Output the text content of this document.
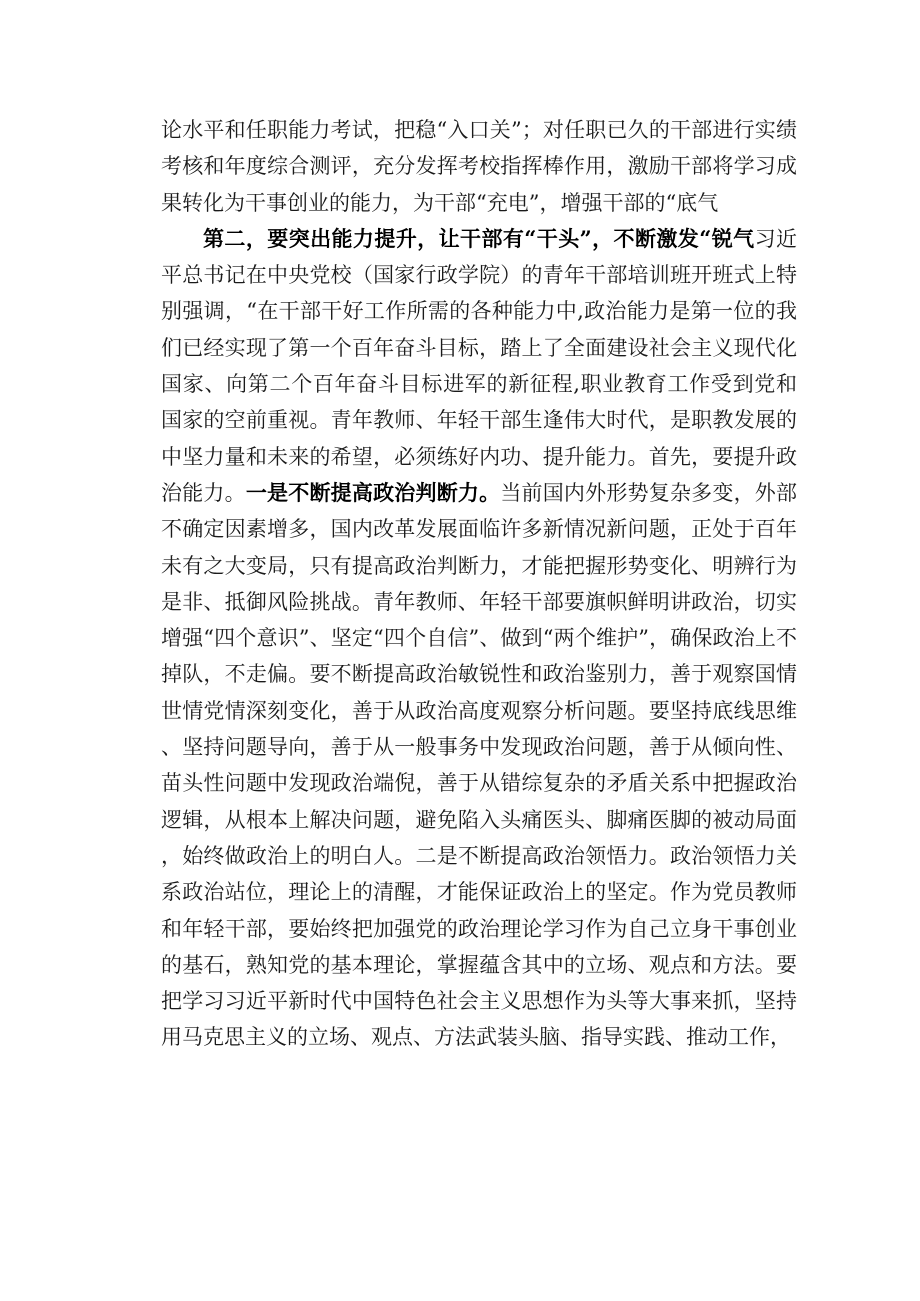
论水平和任职能力考试，把稳“入口关”；对任职已久的干部进行实绩考核和年度综合测评，充分发挥考校指挥棒作用，激励干部将学习成果转化为干事创业的能力，为干部“充电”，增强干部的“底气

第二，要突出能力提升，让干部有“干头”，不断激发“锐气习近平总书记在中央党校（国家行政学院）的青年干部培训班开班式上特别强调，“在干部干好工作所需的各种能力中,政治能力是第一位的我们已经实现了第一个百年奋斗目标，踏上了全面建设社会主义现代化国家、向第二个百年奋斗目标进军的新征程,职业教育工作受到党和国家的空前重视。青年教师、年轻干部生逢伟大时代，是职教发展的中坚力量和未来的希望，必须练好内功、提升能力。首先，要提升政治能力。一是不断提高政治判断力。当前国内外形势复杂多变，外部不确定因素增多，国内改革发展面临许多新情况新问题，正处于百年未有之大变局，只有提高政治判断力，才能把握形势变化、明辨行为是非、抵御风险挑战。青年教师、年轻干部要旗帜鲜明讲政治，切实增强“四个意识”、坚定“四个自信”、做到“两个维护”，确保政治上不掉队，不走偏。要不断提高政治敏锐性和政治鉴别力，善于观察国情世情党情深刻变化，善于从政治高度观察分析问题。要坚持底线思维、坚持问题导向，善于从一般事务中发现政治问题，善于从倾向性、苗头性问题中发现政治端倪，善于从错综复杂的矛盾关系中把握政治逻辑，从根本上解决问题，避免陷入头痛医头、脚痛医脚的被动局面，始终做政治上的明白人。二是不断提高政治领悟力。政治领悟力关系政治站位，理论上的清醒，才能保证政治上的坚定。作为党员教师和年轻干部，要始终把加强党的政治理论学习作为自己立身干事创业的基石，熟知党的基本理论，掌握蕴含其中的立场、观点和方法。要把学习习近平新时代中国特色社会主义思想作为头等大事来抓，坚持用马克思主义的立场、观点、方法武装头脑、指导实践、推动工作，
